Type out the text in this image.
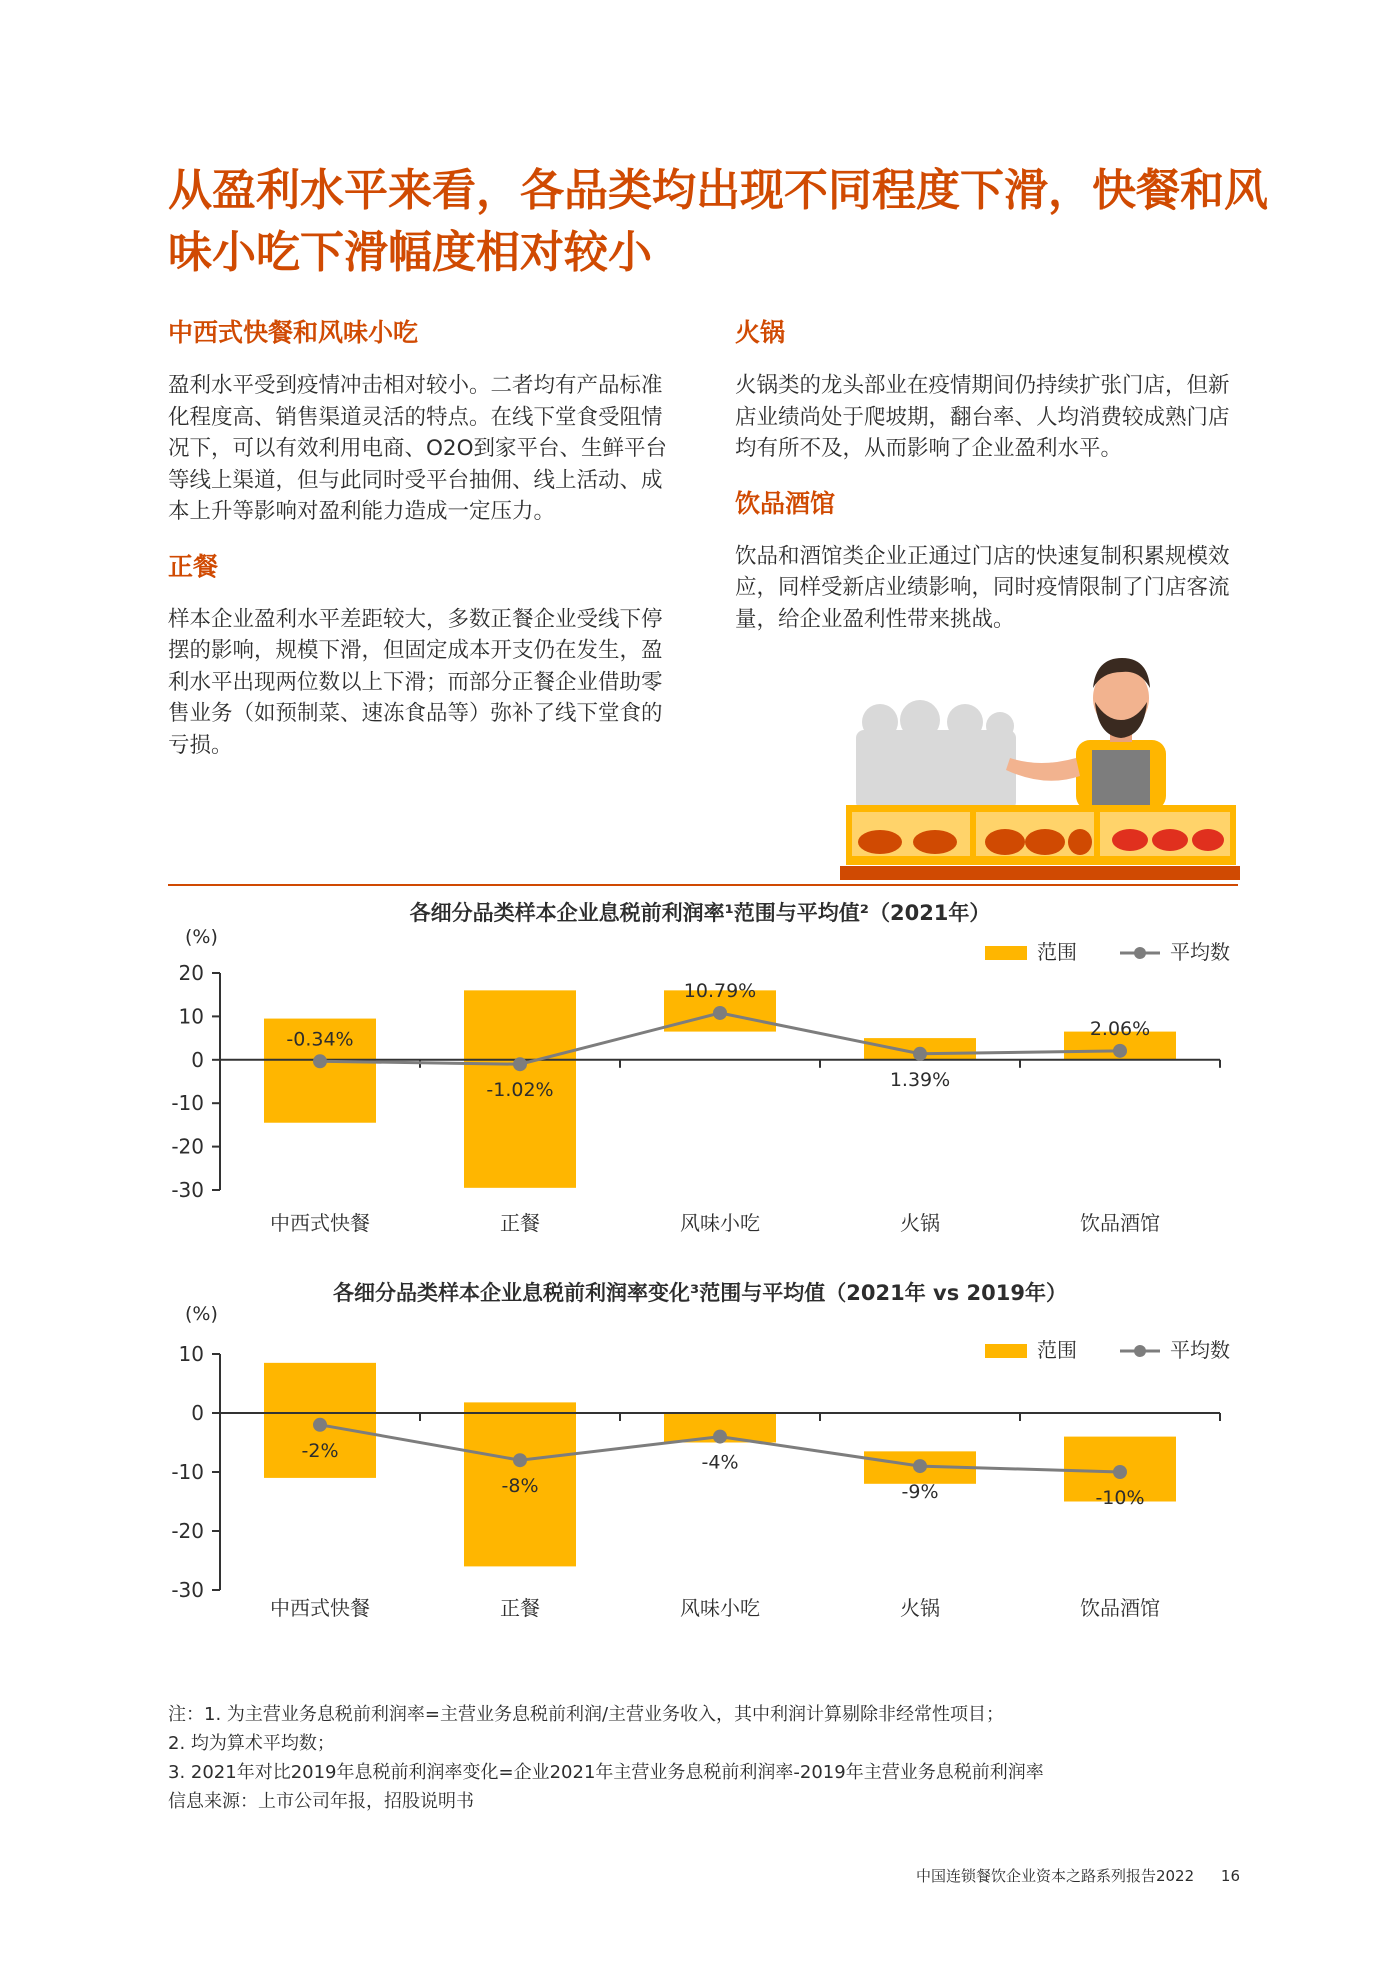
从盈利水平来看，各品类均出现不同程度下滑，快餐和风味小吃下滑幅度相对较小
中西式快餐和风味小吃

盈利水平受到疫情冲击相对较小。二者均有产品标准化程度高、销售渠道灵活的特点。在线下堂食受阻情况下，可以有效利用电商、O2O到家平台、生鲜平台等线上渠道，但与此同时受平台抽佣、线上活动、成本上升等影响对盈利能力造成一定压力。

正餐

样本企业盈利水平差距较大，多数正餐企业受线下停摆的影响，规模下滑，但固定成本开支仍在发生，盈利水平出现两位数以上下滑；而部分正餐企业借助零售业务（如预制菜、速冻食品等）弥补了线下堂食的亏损。

火锅

火锅类的龙头部业在疫情期间仍持续扩张门店，但新店业绩尚处于爬坡期，翻台率、人均消费较成熟门店均有所不及，从而影响了企业盈利水平。

饮品酒馆

饮品和酒馆类企业正通过门店的快速复制积累规模效应，同样受新店业绩影响，同时疫情限制了门店客流量，给企业盈利性带来挑战。

各细分品类样本企业息税前利润率¹范围与平均值²（2021年）
(%)
范围	平均数
20
10
0
-10
-20
-30
-0.34%
-1.02%
10.79%
1.39%
2.06%
中西式快餐	正餐	风味小吃	火锅	饮品酒馆
各细分品类样本企业息税前利润率变化³范围与平均值（2021年 vs 2019年）
(%)
范围	平均数
10
0
-10
-20
-30
-2%
-8%
-4%
-9%	-10%
中西式快餐	正餐	风味小吃	火锅	饮品酒馆

注：1. 为主营业务息税前利润率=主营业务息税前利润/主营业务收入，其中利润计算剔除非经常性项目；

2. 均为算术平均数；

3. 2021年对比2019年息税前利润率变化=企业2021年主营业务息税前利润率-2019年主营业务息税前利润率

信息来源：上市公司年报，招股说明书

中国连锁餐饮企业资本之路系列报告2022 16
